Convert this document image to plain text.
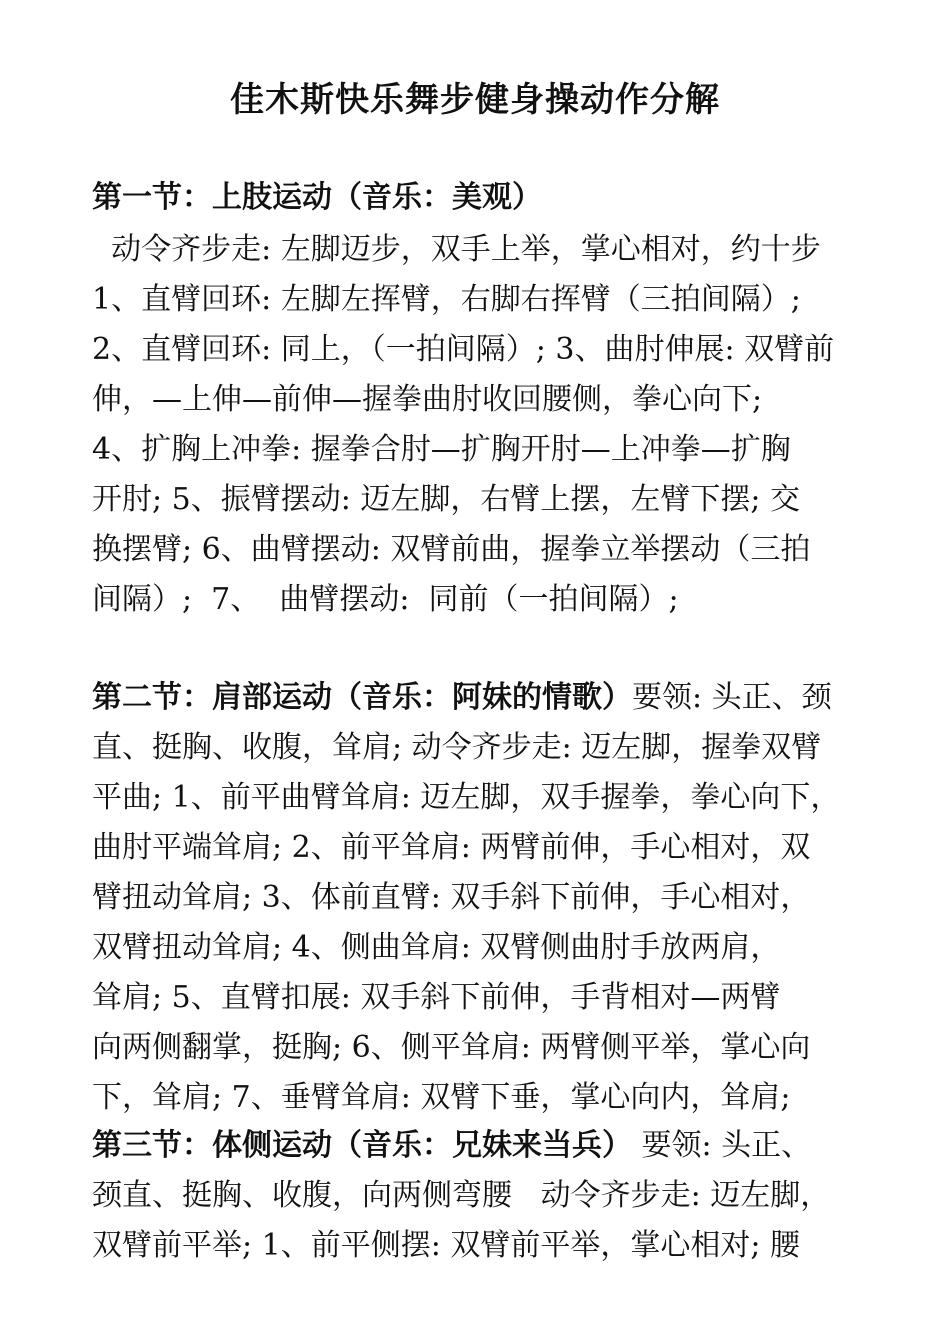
佳木斯快乐舞步健身操动作分解
第一节：上肢运动（音乐：美观）
动令齐步走: 左脚迈步，双手上举，掌心相对，约十步
1、直臂回环: 左脚左挥臂，右脚右挥臂（三拍间隔）;
2、直臂回环: 同上，（一拍间隔）; 3、曲肘伸展: 双臂前
伸，—上伸—前伸—握拳曲肘收回腰侧，拳心向下;
4、扩胸上冲拳: 握拳合肘—扩胸开肘—上冲拳—扩胸
开肘; 5、振臂摆动: 迈左脚，右臂上摆，左臂下摆; 交
换摆臂; 6、曲臂摆动: 双臂前曲，握拳立举摆动（三拍
间隔）;  7、  曲臂摆动:  同前（一拍间隔）;
第二节：肩部运动（音乐：阿妹的情歌）要领: 头正、颈
直、挺胸、收腹，耸肩; 动令齐步走: 迈左脚，握拳双臂
平曲; 1、前平曲臂耸肩: 迈左脚，双手握拳，拳心向下，
曲肘平端耸肩; 2、前平耸肩: 两臂前伸，手心相对，双
臂扭动耸肩; 3、体前直臂: 双手斜下前伸，手心相对，
双臂扭动耸肩; 4、侧曲耸肩: 双臂侧曲肘手放两肩，
耸肩; 5、直臂扣展: 双手斜下前伸，手背相对—两臂
向两侧翻掌，挺胸; 6、侧平耸肩: 两臂侧平举，掌心向
下，耸肩; 7、垂臂耸肩: 双臂下垂，掌心向内，耸肩;
第三节：体侧运动（音乐：兄妹来当兵） 要领: 头正、
颈直、挺胸、收腹，向两侧弯腰   动令齐步走: 迈左脚，
双臂前平举; 1、前平侧摆: 双臂前平举，掌心相对; 腰
